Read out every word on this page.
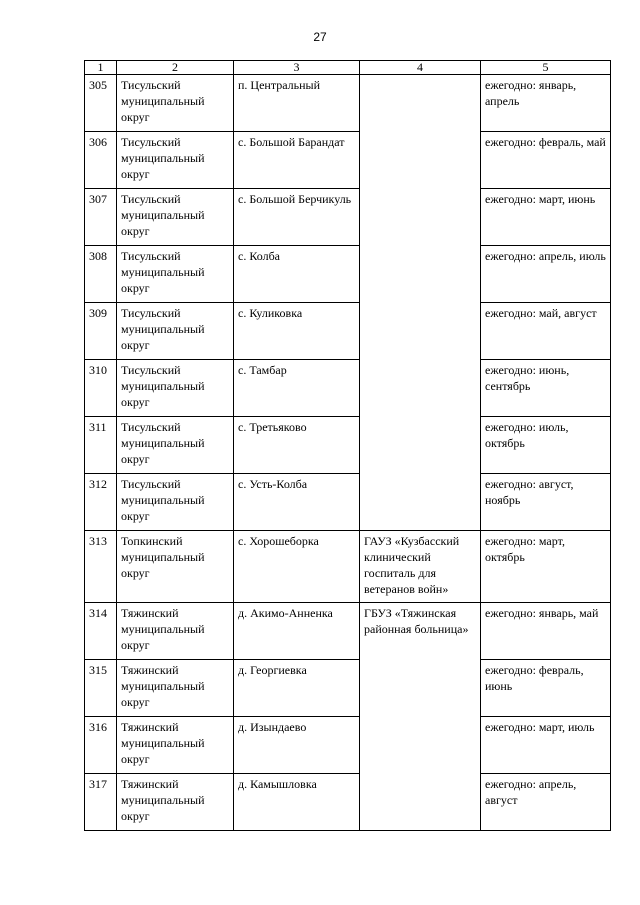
27
1	2	3	4	5
305	Тисульский муниципальный округ	п. Центральный		ежегодно: январь, апрель
306	Тисульский муниципальный округ	с. Большой Барандат		ежегодно: февраль, май
307	Тисульский муниципальный округ	с. Большой Берчикуль		ежегодно: март, июнь
308	Тисульский муниципальный округ	с. Колба		ежегодно: апрель, июль
309	Тисульский муниципальный округ	с. Куликовка		ежегодно: май, август
310	Тисульский муниципальный округ	с. Тамбар		ежегодно: июнь, сентябрь
311	Тисульский муниципальный округ	с. Третьяково		ежегодно: июль, октябрь
312	Тисульский муниципальный округ	с. Усть-Колба		ежегодно: август, ноябрь
313	Топкинский муниципальный округ	с. Хорошеборка	ГАУЗ «Кузбасский клинический госпиталь для ветеранов войн»	ежегодно: март, октябрь
314	Тяжинский муниципальный округ	д. Акимо-Анненка	ГБУЗ «Тяжинская районная больница»	ежегодно: январь, май
315	Тяжинский муниципальный округ	д. Георгиевка		ежегодно: февраль, июнь
316	Тяжинский муниципальный округ	д. Изындаево		ежегодно: март, июль
317	Тяжинский муниципальный округ	д. Камышловка		ежегодно: апрель, август
